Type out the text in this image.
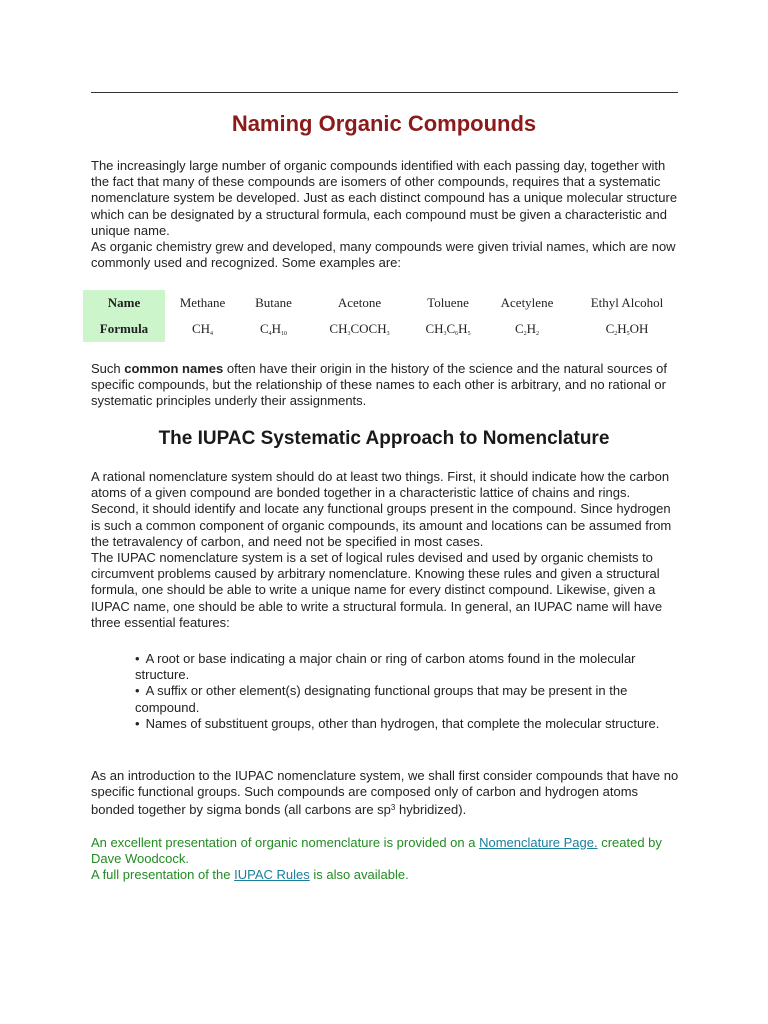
Naming Organic Compounds
The increasingly large number of organic compounds identified with each passing day, together with the fact that many of these compounds are isomers of other compounds, requires that a systematic nomenclature system be developed. Just as each distinct compound has a unique molecular structure which can be designated by a structural formula, each compound must be given a characteristic and unique name.
As organic chemistry grew and developed, many compounds were given trivial names, which are now commonly used and recognized. Some examples are:
Name	Methane	Butane	Acetone	Toluene	Acetylene	Ethyl Alcohol
Formula	$CH_4$	$C_4H_{10}$	$CH_3COCH_3$	$CH_3C_6H_5$	$C_2H_2$	$C_2H_5OH$
Such common names often have their origin in the history of the science and the natural sources of specific compounds, but the relationship of these names to each other is arbitrary, and no rational or systematic principles underly their assignments.
The IUPAC Systematic Approach to Nomenclature
A rational nomenclature system should do at least two things. First, it should indicate how the carbon atoms of a given compound are bonded together in a characteristic lattice of chains and rings. Second, it should identify and locate any functional groups present in the compound. Since hydrogen is such a common component of organic compounds, its amount and locations can be assumed from the tetravalency of carbon, and need not be specified in most cases.
The IUPAC nomenclature system is a set of logical rules devised and used by organic chemists to circumvent problems caused by arbitrary nomenclature. Knowing these rules and given a structural formula, one should be able to write a unique name for every distinct compound. Likewise, given a IUPAC name, one should be able to write a structural formula. In general, an IUPAC name will have three essential features:
• A root or base indicating a major chain or ring of carbon atoms found in the molecular structure.
• A suffix or other element(s) designating functional groups that may be present in the compound.
• Names of substituent groups, other than hydrogen, that complete the molecular structure.
As an introduction to the IUPAC nomenclature system, we shall first consider compounds that have no specific functional groups. Such compounds are composed only of carbon and hydrogen atoms bonded together by sigma bonds (all carbons are $sp^3$ hybridized).
An excellent presentation of organic nomenclature is provided on a Nomenclature Page. created by Dave Woodcock.
A full presentation of the IUPAC Rules is also available.
